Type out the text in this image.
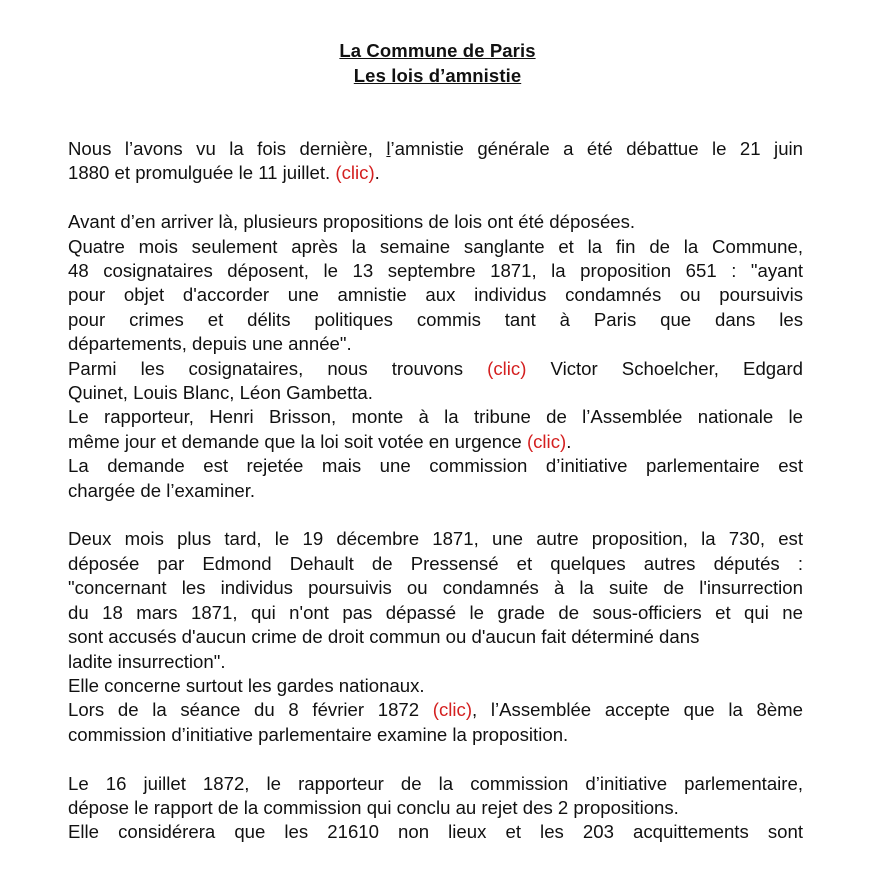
La Commune de Paris
Les lois d’amnistie
Nous l’avons vu la fois dernière, l’amnistie générale a été débattue le 21 juin
1880 et promulguée le 11 juillet. (clic).
Avant d’en arriver là, plusieurs propositions de lois ont été déposées.
Quatre mois seulement après la semaine sanglante et la fin de la Commune,
48 cosignataires déposent, le 13 septembre 1871, la proposition 651 : "ayant
pour objet d'accorder une amnistie aux individus condamnés ou poursuivis
pour crimes et délits politiques commis tant à Paris que dans les
départements, depuis une année".
Parmi les cosignataires, nous trouvons (clic) Victor Schoelcher, Edgard
Quinet, Louis Blanc, Léon Gambetta.
Le rapporteur, Henri Brisson, monte à la tribune de l’Assemblée nationale le
même jour et demande que la loi soit votée en urgence (clic).
La demande est rejetée mais une commission d’initiative parlementaire est
chargée de l’examiner.
Deux mois plus tard, le 19 décembre 1871, une autre proposition, la 730, est
déposée par Edmond Dehault de Pressensé et quelques autres députés :
"concernant les individus poursuivis ou condamnés à la suite de l'insurrection
du 18 mars 1871, qui n'ont pas dépassé le grade de sous-officiers et qui ne
sont accusés d'aucun crime de droit commun ou d'aucun fait déterminé dans
ladite insurrection".
Elle concerne surtout les gardes nationaux.
Lors de la séance du 8 février 1872 (clic), l’Assemblée accepte que la 8ème
commission d’initiative parlementaire examine la proposition.
Le 16 juillet 1872, le rapporteur de la commission d’initiative parlementaire,
dépose le rapport de la commission qui conclu au rejet des 2 propositions.
Elle considérera que les 21610 non lieux et les 203 acquittements sont
